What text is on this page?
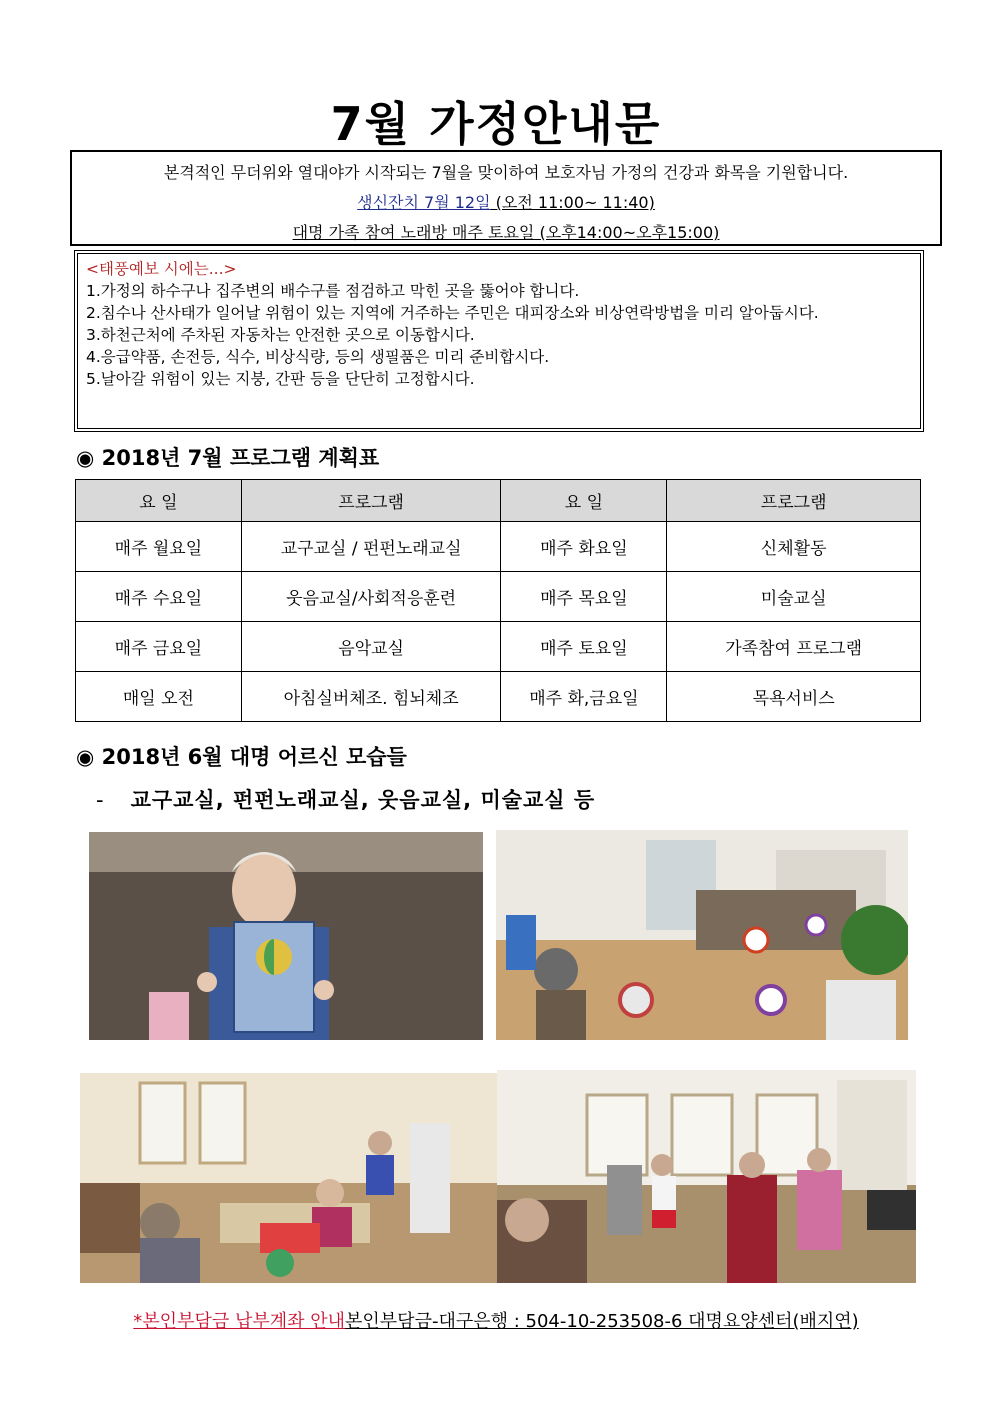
7월 가정안내문
본격적인 무더위와 열대야가 시작되는 7월을 맞이하여 보호자님 가정의 건강과 화목을 기원합니다.
생신잔치 7월 12일 (오전 11:00~ 11:40)
대명 가족 참여 노래방 매주 토요일 (오후14:00~오후15:00)
<태풍예보 시에는...>
1.가정의 하수구나 집주변의 배수구를 점검하고 막힌 곳을 뚫어야 합니다.
2.침수나 산사태가 일어날 위험이 있는 지역에 거주하는 주민은 대피장소와 비상연락방법을 미리 알아둡시다.
3.하천근처에 주차된 자동차는 안전한 곳으로 이동합시다.
4.응급약품, 손전등, 식수, 비상식량, 등의 생필품은 미리 준비합시다.
5.날아갈 위험이 있는 지붕, 간판 등을 단단히 고정합시다.
◉ 2018년 7월 프로그램 계획표
요 일	프로그램	요 일	프로그램
매주 월요일	교구교실 / 펀펀노래교실	매주 화요일	신체활동
매주 수요일	웃음교실/사회적응훈련	매주 목요일	미술교실
매주 금요일	음악교실	매주 토요일	가족참여 프로그램
매일 오전	아침실버체조. 힘뇌체조	매주 화,금요일	목욕서비스
◉ 2018년 6월 대명 어르신 모습들
- 교구교실, 펀펀노래교실, 웃음교실, 미술교실 등
*본인부담금 납부계좌 안내본인부담금-대구은행 : 504-10-253508-6 대명요양센터(배지연)
